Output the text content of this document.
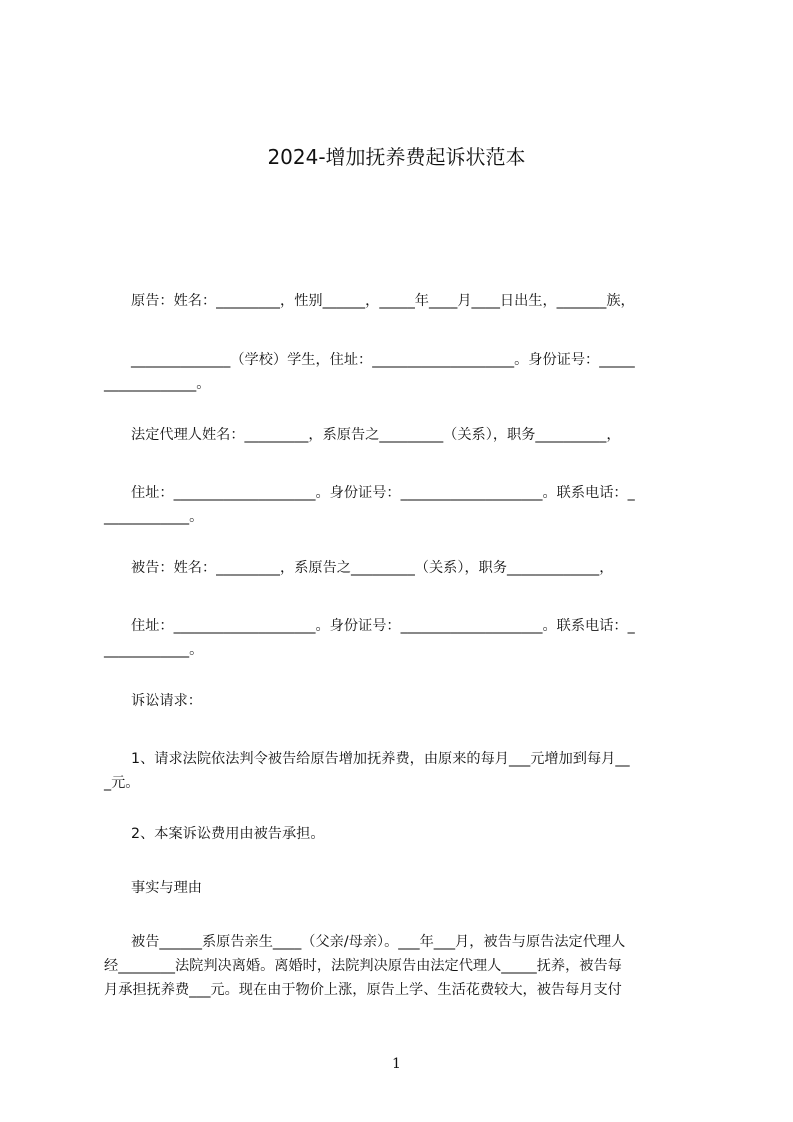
2024-增加抚养费起诉状范本
原告：姓名：_________，性别______，_____年____月____日出生，_______族，
______________（学校）学生，住址：____________________。身份证号：_____
_____________。
法定代理人姓名：_________，系原告之_________（关系），职务__________，
住址：____________________。身份证号：____________________。联系电话：_
____________。
被告：姓名：_________，系原告之_________（关系），职务_____________，
住址：____________________。身份证号：____________________。联系电话：_
____________。
诉讼请求：
1、请求法院依法判令被告给原告增加抚养费，由原来的每月___元增加到每月__
_元。
2、本案诉讼费用由被告承担。
事实与理由
被告______系原告亲生____（父亲/母亲）。___年___月，被告与原告法定代理人
经________法院判决离婚。离婚时，法院判决原告由法定代理人_____抚养，被告每
月承担抚养费___元。现在由于物价上涨，原告上学、生活花费较大，被告每月支付
1
